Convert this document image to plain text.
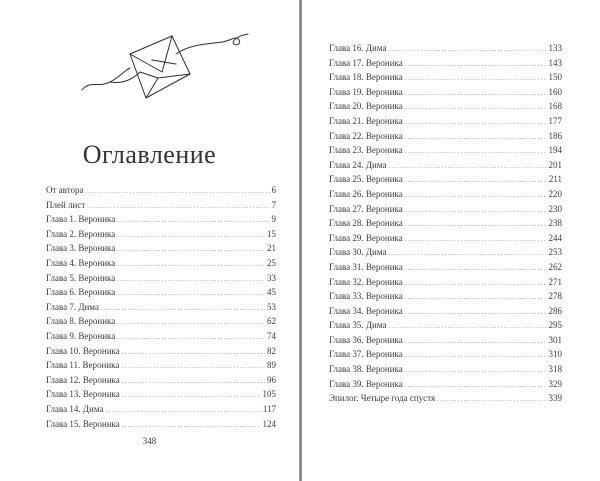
Оглавление
От автора .....	6
Плей лист .....	7
Глава 1. Вероника .....	9
Глава 2. Вероника .....	15
Глава 3. Вероника .....	21
Глава 4. Вероника .....	25
Глава 5. Вероника .....	33
Глава 6. Вероника .....	45
Глава 7. Дима .....	53
Глава 8. Вероника .....	62
Глава 9. Вероника .....	74
Глава 10. Вероника .....	82
Глава 11. Вероника .....	89
Глава 12. Вероника .....	96
Глава 13. Вероника .....	105
Глава 14. Дима .....	117
Глава 15. Вероника .....	124
348
Глава 16. Дима .....	133
Глава 17. Вероника .....	143
Глава 18. Вероника .....	150
Глава 19. Вероника .....	160
Глава 20. Вероника .....	168
Глава 21. Вероника .....	177
Глава 22. Вероника .....	186
Глава 23. Вероника .....	194
Глава 24. Дима .....	201
Глава 25. Вероника .....	211
Глава 26. Вероника .....	220
Глава 27. Вероника .....	230
Глава 28. Вероника .....	238
Глава 29. Вероника .....	244
Глава 30. Дима .....	253
Глава 31. Вероника .....	262
Глава 32. Вероника .....	271
Глава 33. Вероника .....	278
Глава 34. Вероника .....	286
Глава 35. Дима .....	295
Глава 36. Вероника .....	301
Глава 37. Вероника .....	310
Глава 38. Вероника .....	318
Глава 39. Вероника .....	329
Эпилог. Четыре года спустя .....	339
